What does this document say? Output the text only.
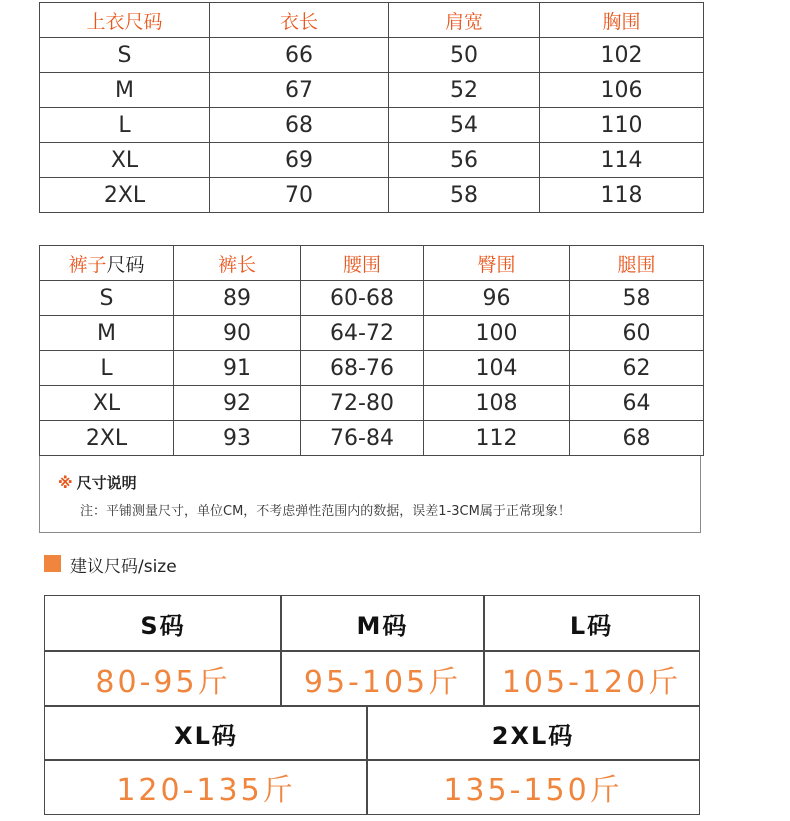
上衣尺码	衣长	肩宽	胸围
S	66	50	102
M	67	52	106
L	68	54	110
XL	69	56	114
2XL	70	58	118
裤子尺码	裤长	腰围	臀围	腿围
S	89	60-68	96	58
M	90	64-72	100	60
L	91	68-76	104	62
XL	92	72-80	108	64
2XL	93	76-84	112	68
※ 尺寸说明
注：平铺测量尺寸，单位CM，不考虑弹性范围内的数据，误差1-3CM属于正常现象！
建议尺码/size
S码	M码	L码
80-95斤	95-105斤	105-120斤
XL码	2XL码
120-135斤	135-150斤
